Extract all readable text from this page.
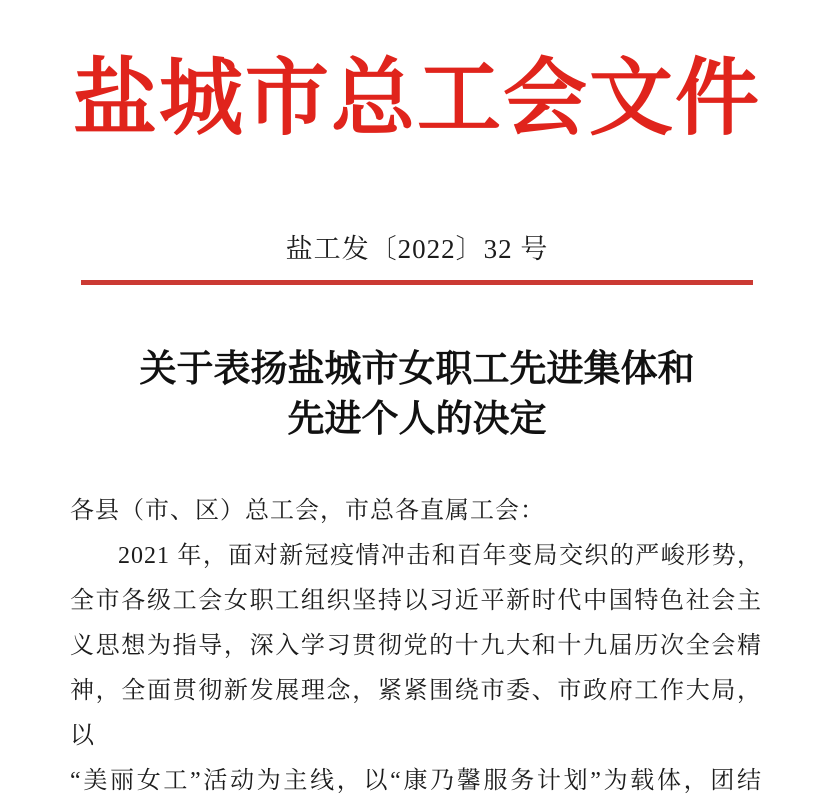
盐城市总工会文件
盐工发〔2022〕32 号
关于表扬盐城市女职工先进集体和
先进个人的决定

各县（市、区）总工会，市总各直属工会：

2021 年，面对新冠疫情冲击和百年变局交织的严峻形势，
全市各级工会女职工组织坚持以习近平新时代中国特色社会主
义思想为指导，深入学习贯彻党的十九大和十九届历次全会精
神，全面贯彻新发展理念，紧紧围绕市委、市政府工作大局，以
“美丽女工”活动为主线，以“康乃馨服务计划”为载体，团结
